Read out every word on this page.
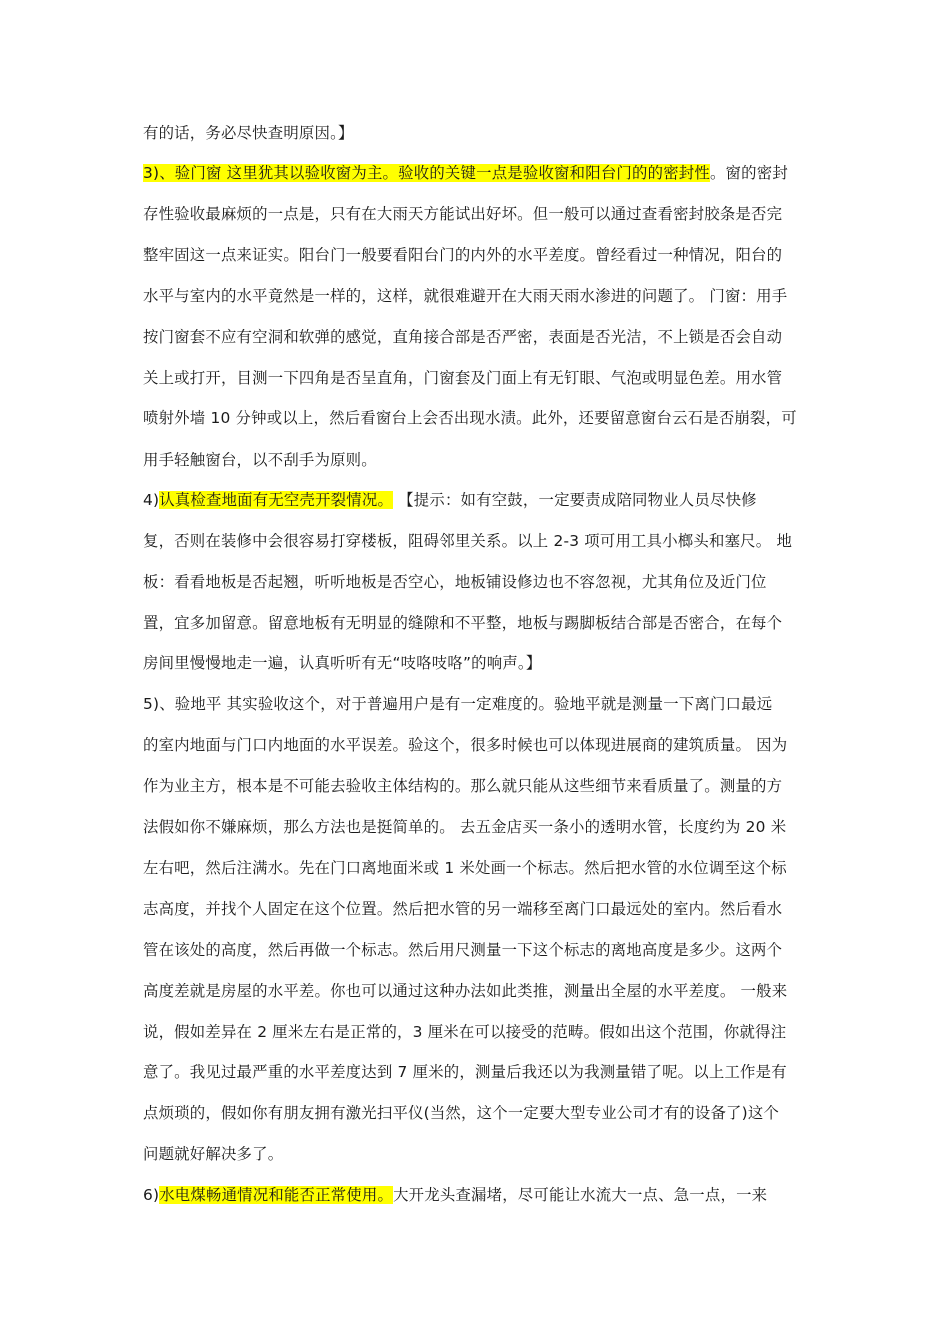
有的话，务必尽快查明原因。】
3)、验门窗 这里犹其以验收窗为主。验收的关键一点是验收窗和阳台门的的密封性。窗的密封
存性验收最麻烦的一点是，只有在大雨天方能试出好坏。但一般可以通过查看密封胶条是否完
整牢固这一点来证实。阳台门一般要看阳台门的内外的水平差度。曾经看过一种情况，阳台的
水平与室内的水平竟然是一样的，这样，就很难避开在大雨天雨水渗进的问题了。 门窗：用手
按门窗套不应有空洞和软弹的感觉，直角接合部是否严密，表面是否光洁，不上锁是否会自动
关上或打开，目测一下四角是否呈直角，门窗套及门面上有无钉眼、气泡或明显色差。用水管
喷射外墙 10 分钟或以上，然后看窗台上会否出现水渍。此外，还要留意窗台云石是否崩裂，可
用手轻触窗台，以不刮手为原则。
4)认真检查地面有无空壳开裂情况。 【提示：如有空鼓，一定要责成陪同物业人员尽快修
复，否则在装修中会很容易打穿楼板，阻碍邻里关系。以上 2-3 项可用工具小榔头和塞尺。 地
板：看看地板是否起翘，听听地板是否空心，地板铺设修边也不容忽视，尤其角位及近门位
置，宜多加留意。留意地板有无明显的缝隙和不平整，地板与踢脚板结合部是否密合，在每个
房间里慢慢地走一遍，认真听听有无“吱咯吱咯”的响声。】
5)、验地平 其实验收这个，对于普遍用户是有一定难度的。验地平就是测量一下离门口最远
的室内地面与门口内地面的水平误差。验这个，很多时候也可以体现进展商的建筑质量。 因为
作为业主方，根本是不可能去验收主体结构的。那么就只能从这些细节来看质量了。测量的方
法假如你不嫌麻烦，那么方法也是挺简单的。 去五金店买一条小的透明水管，长度约为 20 米
左右吧，然后注满水。先在门口离地面米或 1 米处画一个标志。然后把水管的水位调至这个标
志高度，并找个人固定在这个位置。然后把水管的另一端移至离门口最远处的室内。然后看水
管在该处的高度，然后再做一个标志。然后用尺测量一下这个标志的离地高度是多少。这两个
高度差就是房屋的水平差。你也可以通过这种办法如此类推，测量出全屋的水平差度。 一般来
说，假如差异在 2 厘米左右是正常的，3 厘米在可以接受的范畴。假如出这个范围，你就得注
意了。我见过最严重的水平差度达到 7 厘米的，测量后我还以为我测量错了呢。以上工作是有
点烦琐的，假如你有朋友拥有激光扫平仪(当然，这个一定要大型专业公司才有的设备了)这个
问题就好解决多了。
6)水电煤畅通情况和能否正常使用。大开龙头查漏堵，尽可能让水流大一点、急一点，一来
